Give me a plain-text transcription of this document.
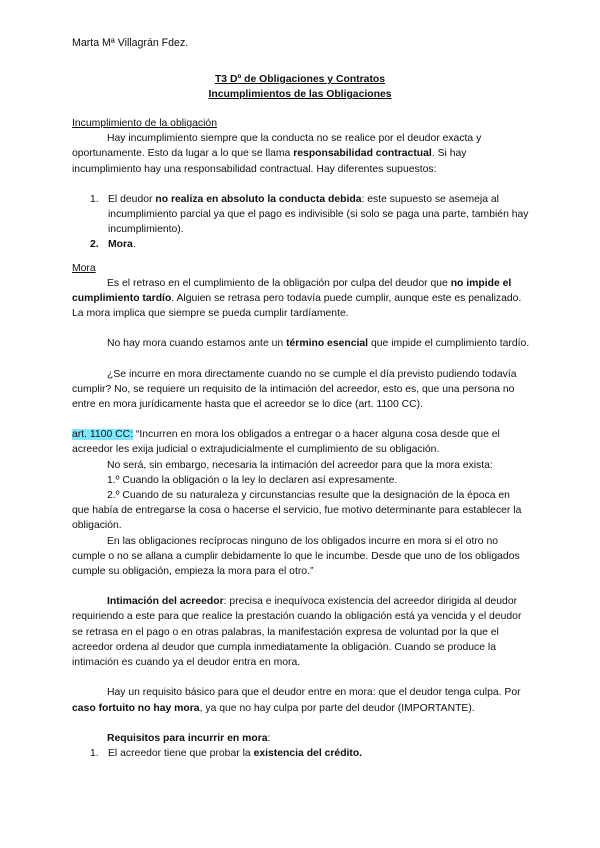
Marta Mª Villagrán Fdez.
T3 Dº de Obligaciones y Contratos
Incumplimientos de las Obligaciones

Incumplimiento de la obligación

Hay incumplimiento siempre que la conducta no se realice por el deudor exacta y oportunamente. Esto da lugar a lo que se llama responsabilidad contractual. Si hay incumplimiento hay una responsabilidad contractual. Hay diferentes supuestos:

1. El deudor no realiza en absoluto la conducta debida: este supuesto se asemeja al incumplimiento parcial ya que el pago es indivisible (si solo se paga una parte, también hay incumplimiento).
2. Mora.

Mora

Es el retraso en el cumplimiento de la obligación por culpa del deudor que no impide el cumplimiento tardío. Alguien se retrasa pero todavía puede cumplir, aunque este es penalizado. La mora implica que siempre se pueda cumplir tardíamente.

No hay mora cuando estamos ante un término esencial que impide el cumplimiento tardío.

¿Se incurre en mora directamente cuando no se cumple el día previsto pudiendo todavía cumplir? No, se requiere un requisito de la intimación del acreedor, esto es, que una persona no entre en mora jurídicamente hasta que el acreedor se lo dice (art. 1100 CC).

art. 1100 CC: “Incurren en mora los obligados a entregar o a hacer alguna cosa desde que el acreedor les exija judicial o extrajudicialmente el cumplimiento de su obligación.

No será, sin embargo, necesaria la intimación del acreedor para que la mora exista:

1.º Cuando la obligación o la ley lo declaren así expresamente.

2.º Cuando de su naturaleza y circunstancias resulte que la designación de la época en que había de entregarse la cosa o hacerse el servicio, fue motivo determinante para establecer la obligación.

En las obligaciones recíprocas ninguno de los obligados incurre en mora si el otro no cumple o no se allana a cumplir debidamente lo que le incumbe. Desde que uno de los obligados cumple su obligación, empieza la mora para el otro.”

Intimación del acreedor: precisa e inequívoca existencia del acreedor dirigida al deudor requiriendo a este para que realice la prestación cuando la obligación está ya vencida y el deudor se retrasa en el pago o en otras palabras, la manifestación expresa de voluntad por la que el acreedor ordena al deudor que cumpla inmediatamente la obligación. Cuando se produce la intimación es cuando ya el deudor entra en mora.

Hay un requisito básico para que el deudor entre en mora: que el deudor tenga culpa. Por caso fortuito no hay mora, ya que no hay culpa por parte del deudor (IMPORTANTE).

Requisitos para incurrir en mora:

1. El acreedor tiene que probar la existencia del crédito.
